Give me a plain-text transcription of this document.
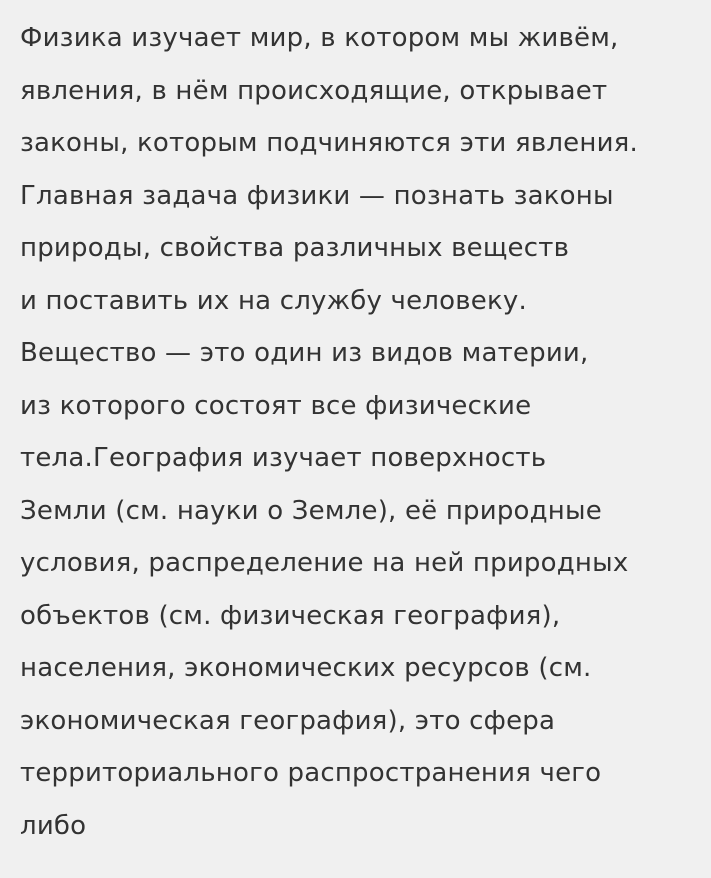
Физика изучает мир, в котором мы живём,
явления, в нём происходящие, открывает
законы, которым подчиняются эти явления.
Главная задача физики — познать законы
природы, свойства различных веществ
и поставить их на службу человеку.
Вещество — это один из видов материи,
из которого состоят все физические
тела.География изучает поверхность
Земли (см. науки о Земле), её природные
условия, распределение на ней природных
объектов (см. физическая география),
населения, экономических ресурсов (см.
экономическая география), это сфера
территориального распространения чего
либо
